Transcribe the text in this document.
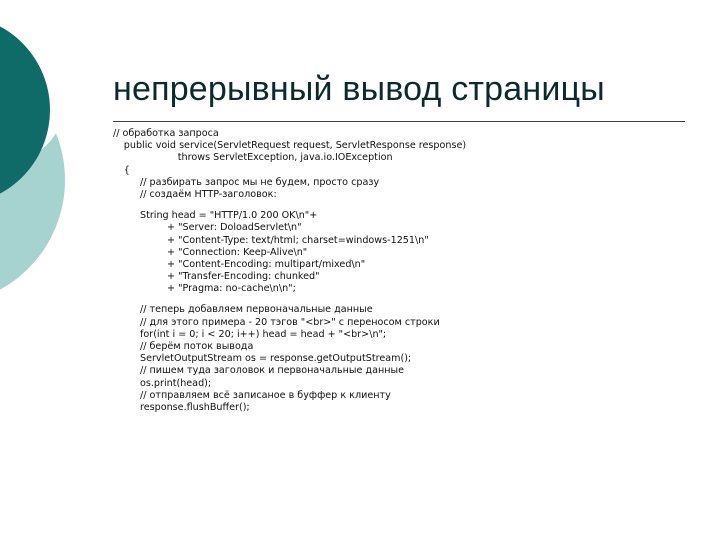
непрерывный вывод страницы
// обработка запроса
public void service(ServletRequest request, ServletResponse response)
throws ServletException, java.io.IOException
{
// разбирать запрос мы не будем, просто сразу
// создаём HTTP-заголовок:
String head = "HTTP/1.0 200 OK\n"+
+ "Server: DoloadServlet\n"
+ "Content-Type: text/html; charset=windows-1251\n"
+ "Connection: Keep-Alive\n"
+ "Content-Encoding: multipart/mixed\n"
+ "Transfer-Encoding: chunked"
+ "Pragma: no-cache\n\n";
// теперь добавляем первоначальные данные
// для этого примера - 20 тэгов "<br>" с переносом строки
for(int i = 0; i < 20; i++) head = head + "<br>\n";
// берём поток вывода
ServletOutputStream os = response.getOutputStream();
// пишем туда заголовок и первоначальные данные
os.print(head);
// отправляем всё записаное в буффер к клиенту
response.flushBuffer();
